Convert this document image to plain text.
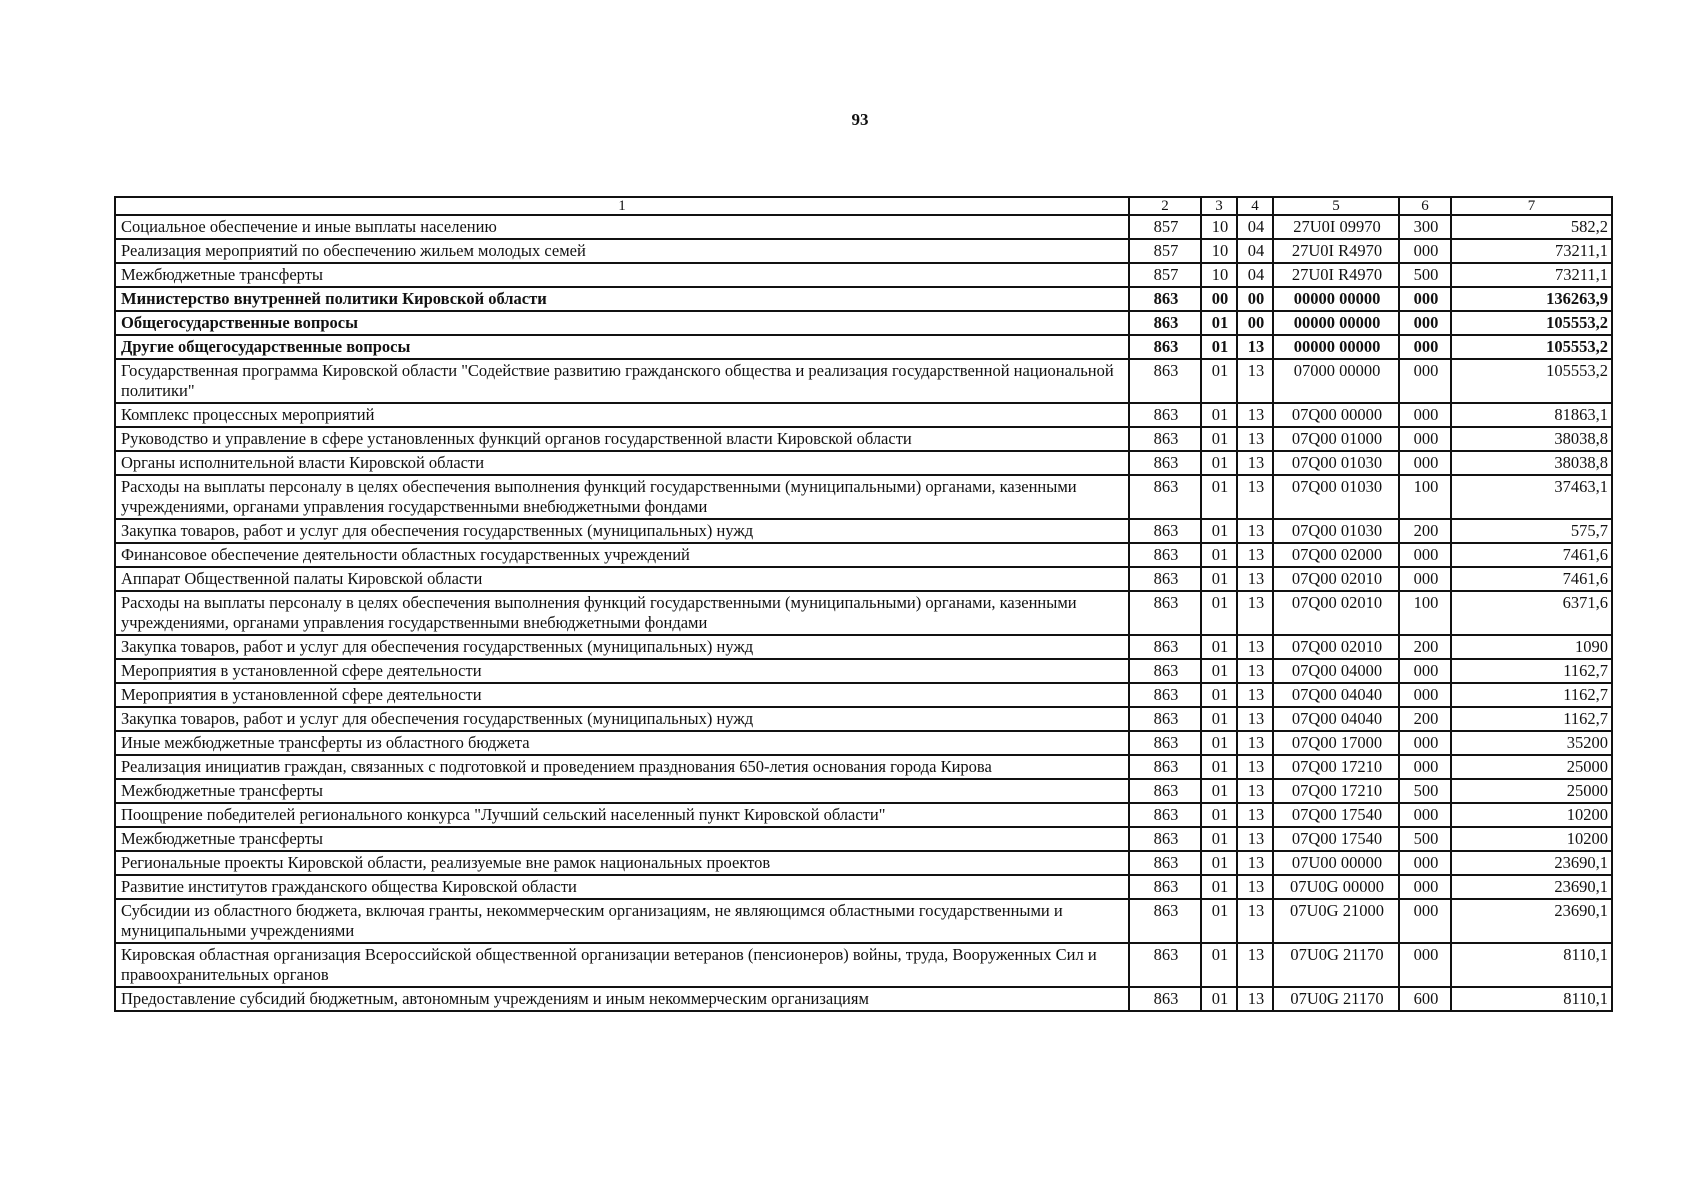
93
1	2	3	4	5	6	7
Социальное обеспечение и иные выплаты населению	857	10	04	27U0I 09970	300	582,2
Реализация мероприятий по обеспечению жильем молодых семей	857	10	04	27U0I R4970	000	73211,1
Межбюджетные трансферты	857	10	04	27U0I R4970	500	73211,1
Министерство внутренней политики Кировской области	863	00	00	00000 00000	000	136263,9
Общегосударственные вопросы	863	01	00	00000 00000	000	105553,2
Другие общегосударственные вопросы	863	01	13	00000 00000	000	105553,2
Государственная программа Кировской области "Содействие развитию гражданского общества и реализация государственной национальной политики"	863	01	13	07000 00000	000	105553,2
Комплекс процессных мероприятий	863	01	13	07Q00 00000	000	81863,1
Руководство и управление в сфере установленных функций органов государственной власти Кировской области	863	01	13	07Q00 01000	000	38038,8
Органы исполнительной власти Кировской области	863	01	13	07Q00 01030	000	38038,8
Расходы на выплаты персоналу в целях обеспечения выполнения функций государственными (муниципальными) органами, казенными учреждениями, органами управления государственными внебюджетными фондами	863	01	13	07Q00 01030	100	37463,1
Закупка товаров, работ и услуг для обеспечения государственных (муниципальных) нужд	863	01	13	07Q00 01030	200	575,7
Финансовое обеспечение деятельности областных государственных учреждений	863	01	13	07Q00 02000	000	7461,6
Аппарат Общественной палаты Кировской области	863	01	13	07Q00 02010	000	7461,6
Расходы на выплаты персоналу в целях обеспечения выполнения функций государственными (муниципальными) органами, казенными учреждениями, органами управления государственными внебюджетными фондами	863	01	13	07Q00 02010	100	6371,6
Закупка товаров, работ и услуг для обеспечения государственных (муниципальных) нужд	863	01	13	07Q00 02010	200	1090
Мероприятия в установленной сфере деятельности	863	01	13	07Q00 04000	000	1162,7
Мероприятия в установленной сфере деятельности	863	01	13	07Q00 04040	000	1162,7
Закупка товаров, работ и услуг для обеспечения государственных (муниципальных) нужд	863	01	13	07Q00 04040	200	1162,7
Иные межбюджетные трансферты из областного бюджета	863	01	13	07Q00 17000	000	35200
Реализация инициатив граждан, связанных с подготовкой и проведением празднования 650-летия основания города Кирова	863	01	13	07Q00 17210	000	25000
Межбюджетные трансферты	863	01	13	07Q00 17210	500	25000
Поощрение победителей регионального конкурса "Лучший сельский населенный пункт Кировской области"	863	01	13	07Q00 17540	000	10200
Межбюджетные трансферты	863	01	13	07Q00 17540	500	10200
Региональные проекты Кировской области, реализуемые вне рамок национальных проектов	863	01	13	07U00 00000	000	23690,1
Развитие институтов гражданского общества Кировской области	863	01	13	07U0G 00000	000	23690,1
Субсидии из областного бюджета, включая гранты, некоммерческим организациям, не являющимся областными государственными и муниципальными учреждениями	863	01	13	07U0G 21000	000	23690,1
Кировская областная организация Всероссийской общественной организации ветеранов (пенсионеров) войны, труда, Вооруженных Сил и правоохранительных органов	863	01	13	07U0G 21170	000	8110,1
Предоставление субсидий бюджетным, автономным учреждениям и иным некоммерческим организациям	863	01	13	07U0G 21170	600	8110,1
